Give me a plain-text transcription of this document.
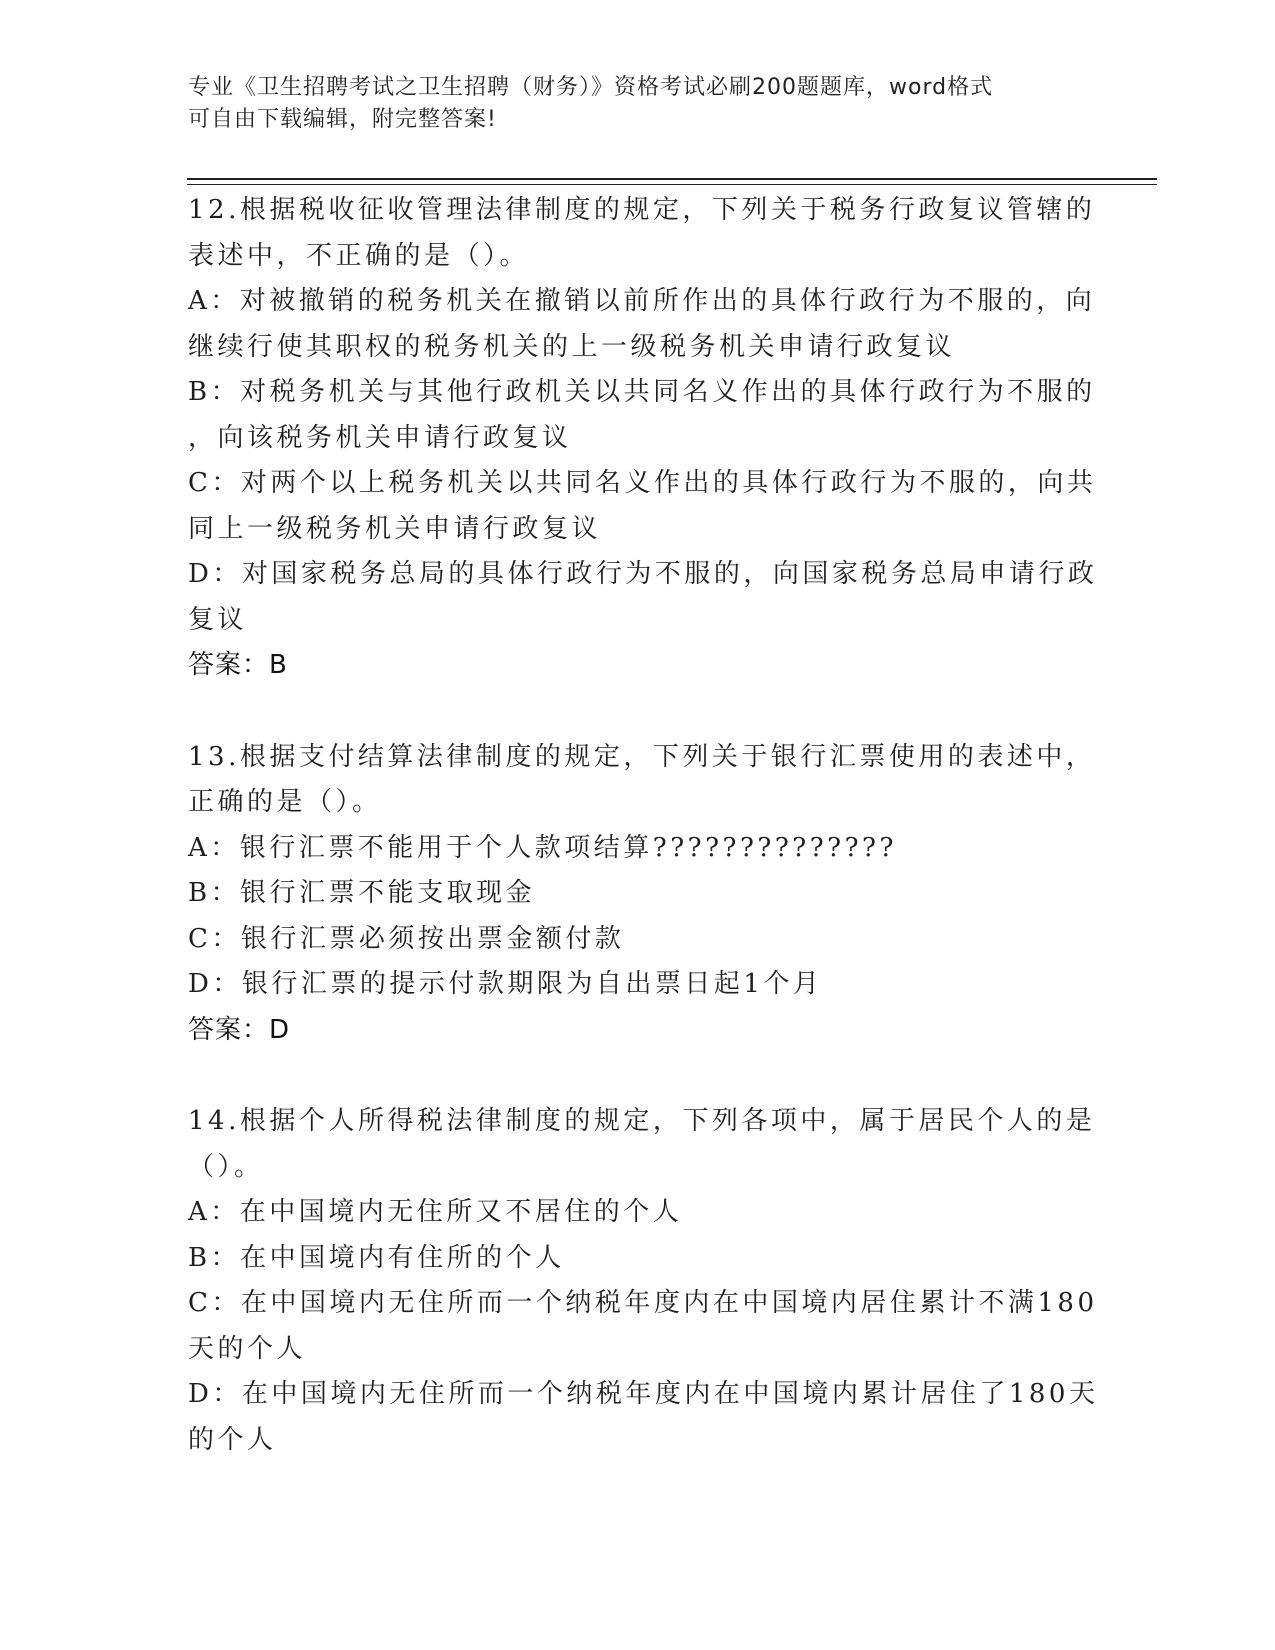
专业《卫生招聘考试之卫生招聘（财务）》资格考试必刷200题题库，word格式
可自由下载编辑，附完整答案!
12.根据税收征收管理法律制度的规定，下列关于税务行政复议管辖的
表述中，不正确的是（）。
A：对被撤销的税务机关在撤销以前所作出的具体行政行为不服的，向
继续行使其职权的税务机关的上一级税务机关申请行政复议
B：对税务机关与其他行政机关以共同名义作出的具体行政行为不服的
，向该税务机关申请行政复议
C：对两个以上税务机关以共同名义作出的具体行政行为不服的，向共
同上一级税务机关申请行政复议
D：对国家税务总局的具体行政行为不服的，向国家税务总局申请行政
复议
答案：B
13.根据支付结算法律制度的规定，下列关于银行汇票使用的表述中，
正确的是（）。
A：银行汇票不能用于个人款项结算??????????????
B：银行汇票不能支取现金
C：银行汇票必须按出票金额付款
D：银行汇票的提示付款期限为自出票日起1个月
答案：D
14.根据个人所得税法律制度的规定，下列各项中，属于居民个人的是
（）。
A：在中国境内无住所又不居住的个人
B：在中国境内有住所的个人
C：在中国境内无住所而一个纳税年度内在中国境内居住累计不满180
天的个人
D：在中国境内无住所而一个纳税年度内在中国境内累计居住了180天
的个人
